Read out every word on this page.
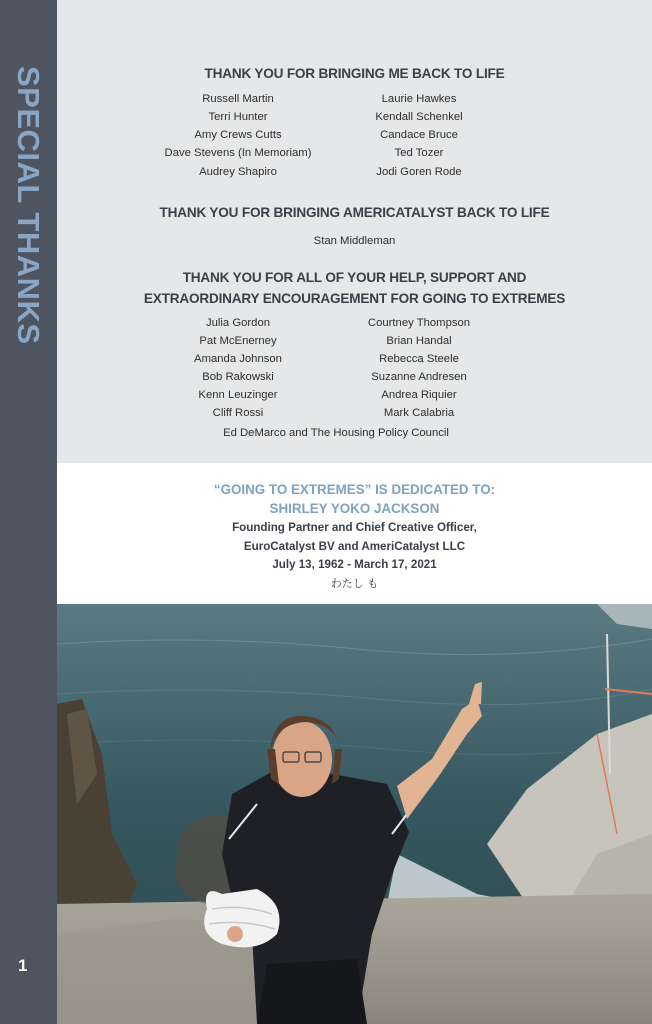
SPECIAL THANKS
1
THANK YOU FOR BRINGING ME BACK TO LIFE
Russell Martin
Terri Hunter
Amy Crews Cutts
Dave Stevens (In Memoriam)
Audrey Shapiro
Laurie Hawkes
Kendall Schenkel
Candace Bruce
Ted Tozer
Jodi Goren Rode
THANK YOU FOR BRINGING AMERICATALYST BACK TO LIFE
Stan Middleman
THANK YOU FOR ALL OF YOUR HELP, SUPPORT AND
EXTRAORDINARY ENCOURAGEMENT FOR GOING TO EXTREMES
Julia Gordon
Pat McEnerney
Amanda Johnson
Bob Rakowski
Kenn Leuzinger
Cliff Rossi
Courtney Thompson
Brian Handal
Rebecca Steele
Suzanne Andresen
Andrea Riquier
Mark Calabria
Ed DeMarco and The Housing Policy Council
“GOING TO EXTREMES” IS DEDICATED TO:
SHIRLEY YOKO JACKSON
Founding Partner and Chief Creative Officer,
EuroCatalyst BV and AmeriCatalyst LLC
July 13, 1962 - March 17, 2021
わたし も
